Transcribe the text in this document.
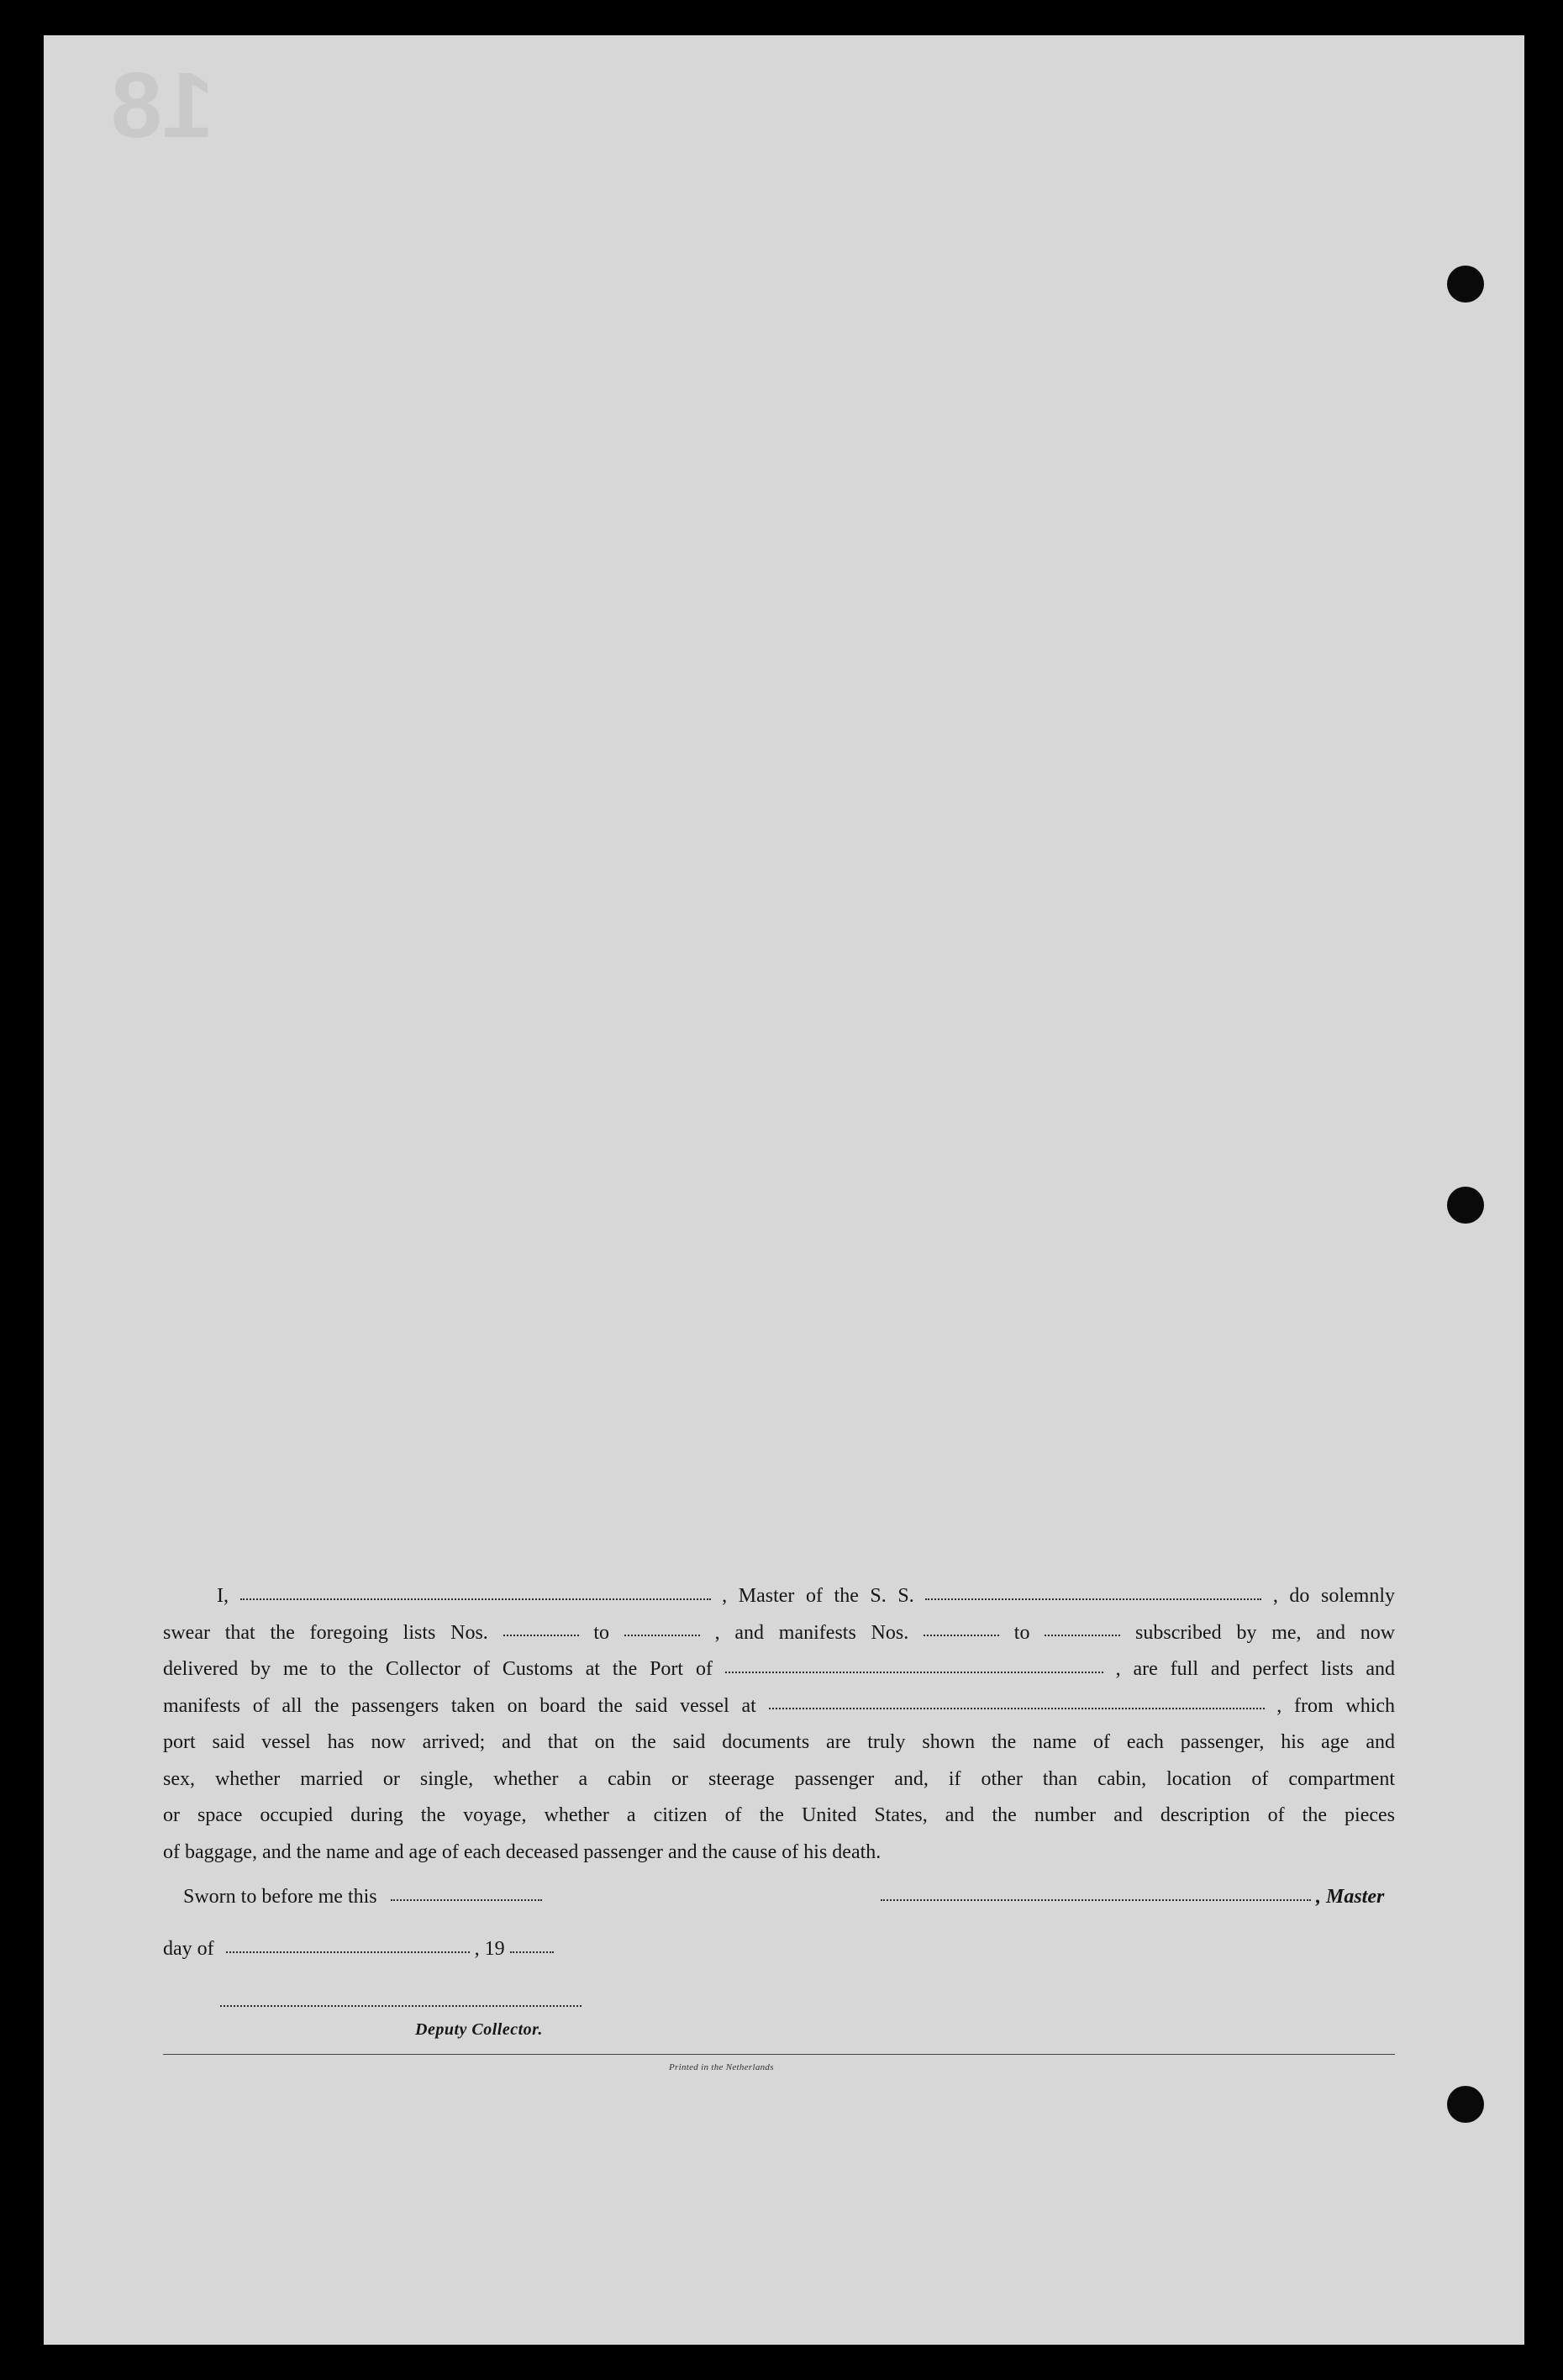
18
I,	, Master of the S. S.	, do solemnly
swear that the foregoing lists Nos.	to	, and manifests Nos.	to	subscribed by me, and now
delivered by me to the Collector of Customs at the Port of	, are full and perfect lists and
manifests of all the passengers taken on board the said vessel at	, from which
port said vessel has now arrived; and that on the said documents are truly shown the name of each passenger, his age and
sex, whether married or single, whether a cabin or steerage passenger and, if other than cabin, location of compartment
or space occupied during the voyage, whether a citizen of the United States, and the number and description of the pieces
of baggage, and the name and age of each deceased passenger and the cause of his death.
Sworn to before me this	, Master
day of	, 19
Deputy Collector.
Printed in the Netherlands
